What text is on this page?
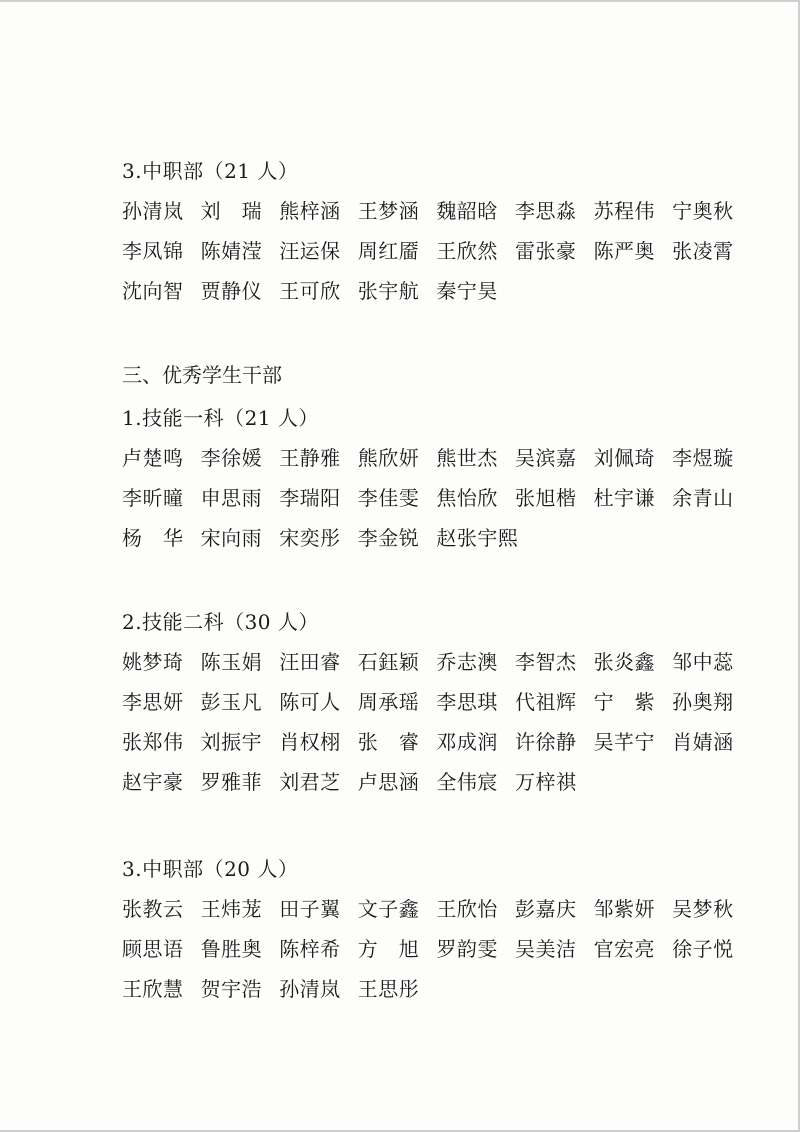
3.中职部（21 人）
孙清岚 刘　瑞 熊梓涵 王梦涵 魏韶晗 李思淼 苏程伟 宁奥秋
李凤锦 陈婧滢 汪运保 周红靥 王欣然 雷张豪 陈严奥 张凌霄
沈向智 贾静仪 王可欣 张宇航 秦宁昊
三、优秀学生干部
1.技能一科（21 人）
卢楚鸣 李徐媛 王静雅 熊欣妍 熊世杰 吴滨嘉 刘佩琦 李煜璇
李昕曈 申思雨 李瑞阳 李佳雯 焦怡欣 张旭楷 杜宇谦 余青山
杨　华 宋向雨 宋奕彤 李金锐 赵张宇熙
2.技能二科（30 人）
姚梦琦 陈玉娟 汪田睿 石鈺颖 乔志澳 李智杰 张炎鑫 邹中蕊
李思妍 彭玉凡 陈可人 周承瑶 李思琪 代祖辉 宁　紫 孙奥翔
张郑伟 刘振宇 肖权栩 张　睿 邓成润 许徐静 吴芊宁 肖婧涵
赵宇豪 罗雅菲 刘君芝 卢思涵 全伟宸 万梓祺
3.中职部（20 人）
张教云 王炜茏 田子翼 文子鑫 王欣怡 彭嘉庆 邹紫妍 吴梦秋
顾思语 鲁胜奥 陈梓希 方　旭 罗韵雯 吴美洁 官宏亮 徐子悦
王欣慧 贺宇浩 孙清岚 王思彤
